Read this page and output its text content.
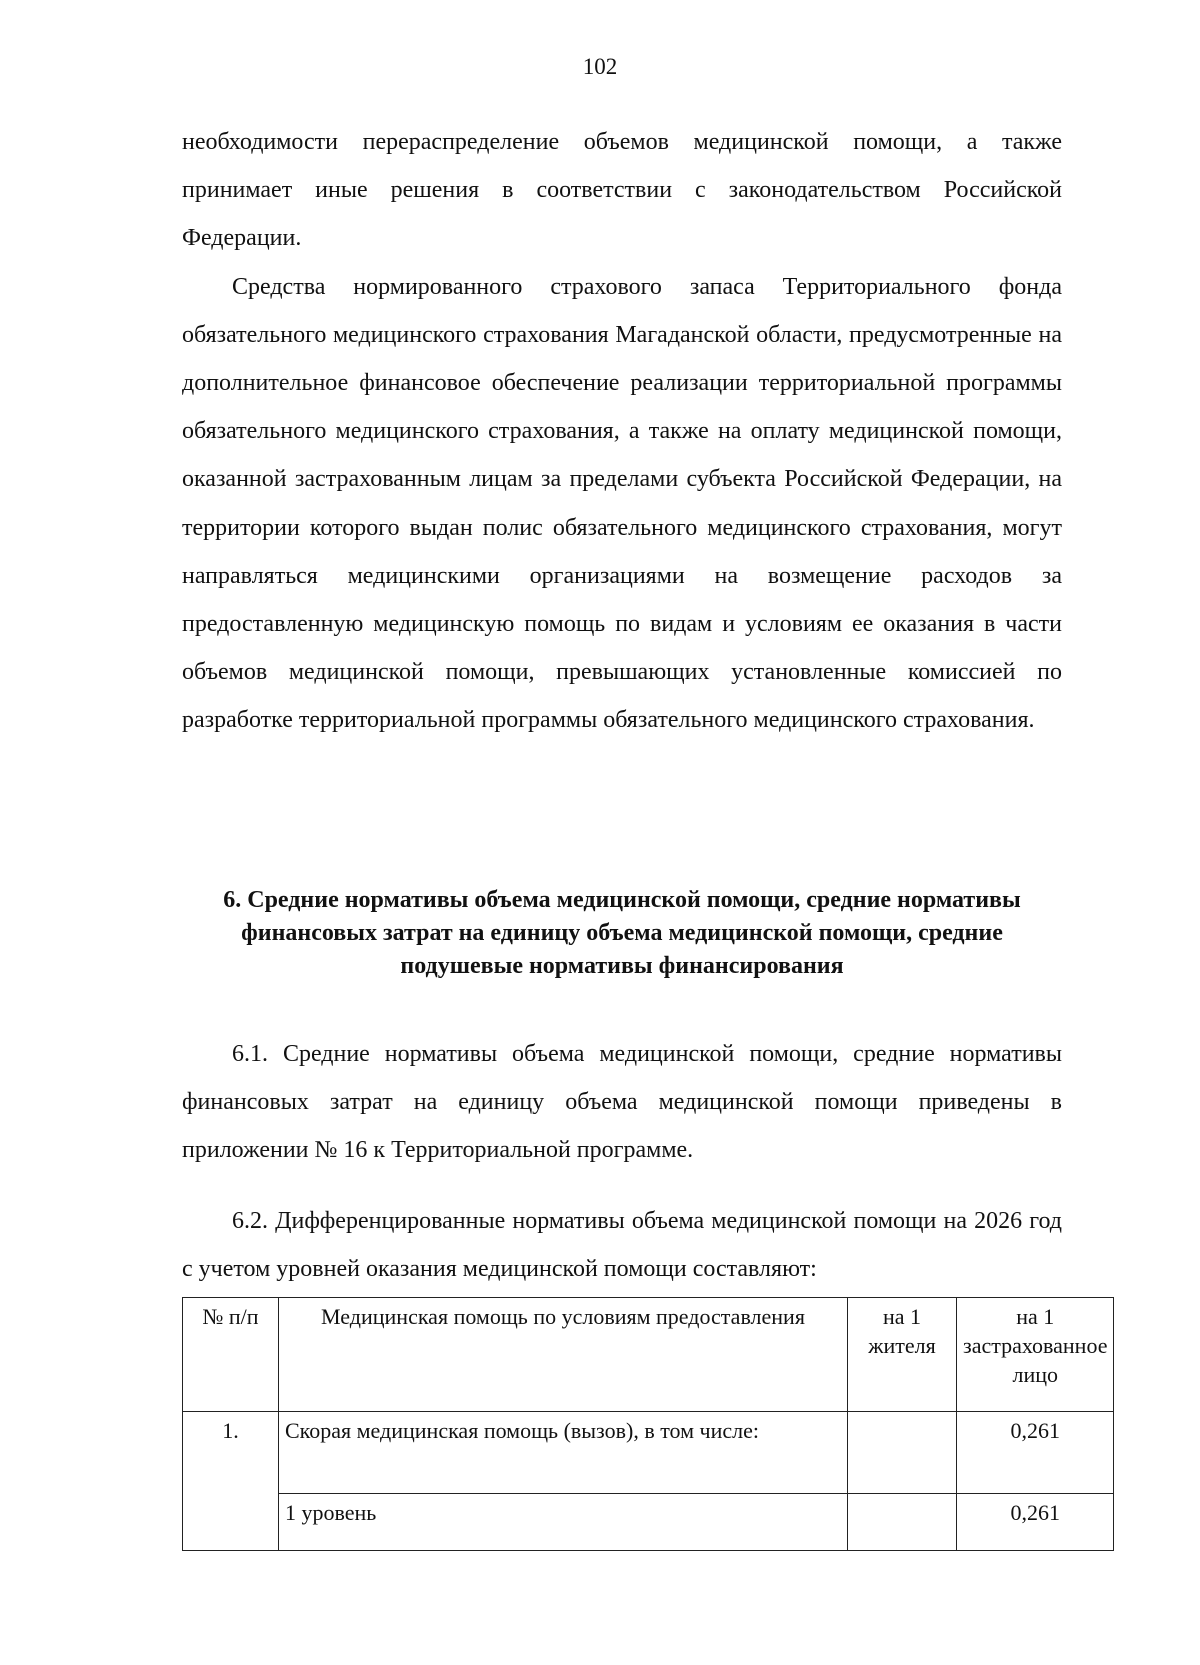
102

необходимости перераспределение объемов медицинской помощи, а также принимает иные решения в соответствии с законодательством Российской Федерации.

Средства нормированного страхового запаса Территориального фонда обязательного медицинского страхования Магаданской области, предусмотренные на дополнительное финансовое обеспечение реализации территориальной программы обязательного медицинского страхования, а также на оплату медицинской помощи, оказанной застрахованным лицам за пределами субъекта Российской Федерации, на территории которого выдан полис обязательного медицинского страхования, могут направляться медицинскими организациями на возмещение расходов за предоставленную медицинскую помощь по видам и условиям ее оказания в части объемов медицинской помощи, превышающих установленные комиссией по разработке территориальной программы обязательного медицинского страхования.

6. Средние нормативы объема медицинской помощи, средние нормативы финансовых затрат на единицу объема медицинской помощи, средние подушевые нормативы финансирования

6.1. Средние нормативы объема медицинской помощи, средние нормативы финансовых затрат на единицу объема медицинской помощи приведены в приложении № 16 к Территориальной программе.

6.2. Дифференцированные нормативы объема медицинской помощи на 2026 год с учетом уровней оказания медицинской помощи составляют:

№ п/п	Медицинская помощь по условиям предоставления	на 1 жителя	на 1 застрахованное лицо
1.	Скорая медицинская помощь (вызов), в том числе:		0,261
	1 уровень		0,261
